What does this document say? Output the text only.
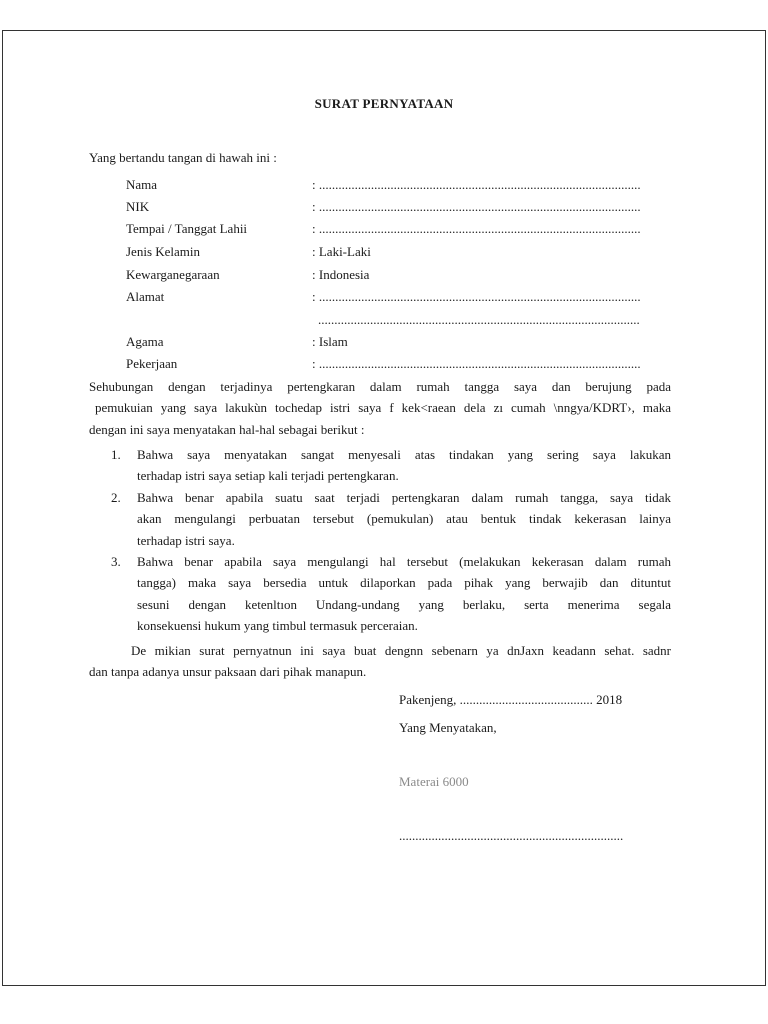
SURAT PERNYATAAN
Yang bertandu tangan di hawah ini :
Nama	: ...................................................................................................
NIK	: ...................................................................................................
Tempai / Tanggat Lahii	: ...................................................................................................
Jenis Kelamin	: Laki-Laki
Kewarganegaraan	: Indonesia
Alamat	: ...................................................................................................
...................................................................................................
Agama	: Islam
Pekerjaan	: ...................................................................................................
Sehubungan dengan terjadinya pertengkaran dalam rumah tangga saya dan berujung pada
pemukuian yang saya lakukùn tochedap istri saya f kek<raean dela zı cumah \nngya/KDRT›, maka
dengan ini saya menyatakan hal-hal sebagai berikut :
1. Bahwa saya menyatakan sangat menyesali atas tindakan yang sering saya lakukan
terhadap istri saya setiap kali terjadi pertengkaran.
2. Bahwa benar apabila suatu saat terjadi pertengkaran dalam rumah tangga, saya tidak
akan mengulangi perbuatan tersebut (pemukulan) atau bentuk tindak kekerasan lainya
terhadap istri saya.
3. Bahwa benar apabila saya mengulangi hal tersebut (melakukan kekerasan dalam rumah
tangga) maka saya bersedia untuk dilaporkan pada pihak yang berwajib dan dituntut
sesuni dengan ketenltıon Undang-undang yang berlaku, serta menerima segala
konsekuensi hukum yang timbul termasuk perceraian.
De mikian surat pernyatnun ini saya buat dengnn sebenarn ya dnJaxn keadann sehat. sadnr
dan tanpa adanya unsur paksaan dari pihak manapun.
Pakenjeng, ......................................... 2018
Yang Menyatakan,
Materai 6000
.....................................................................
